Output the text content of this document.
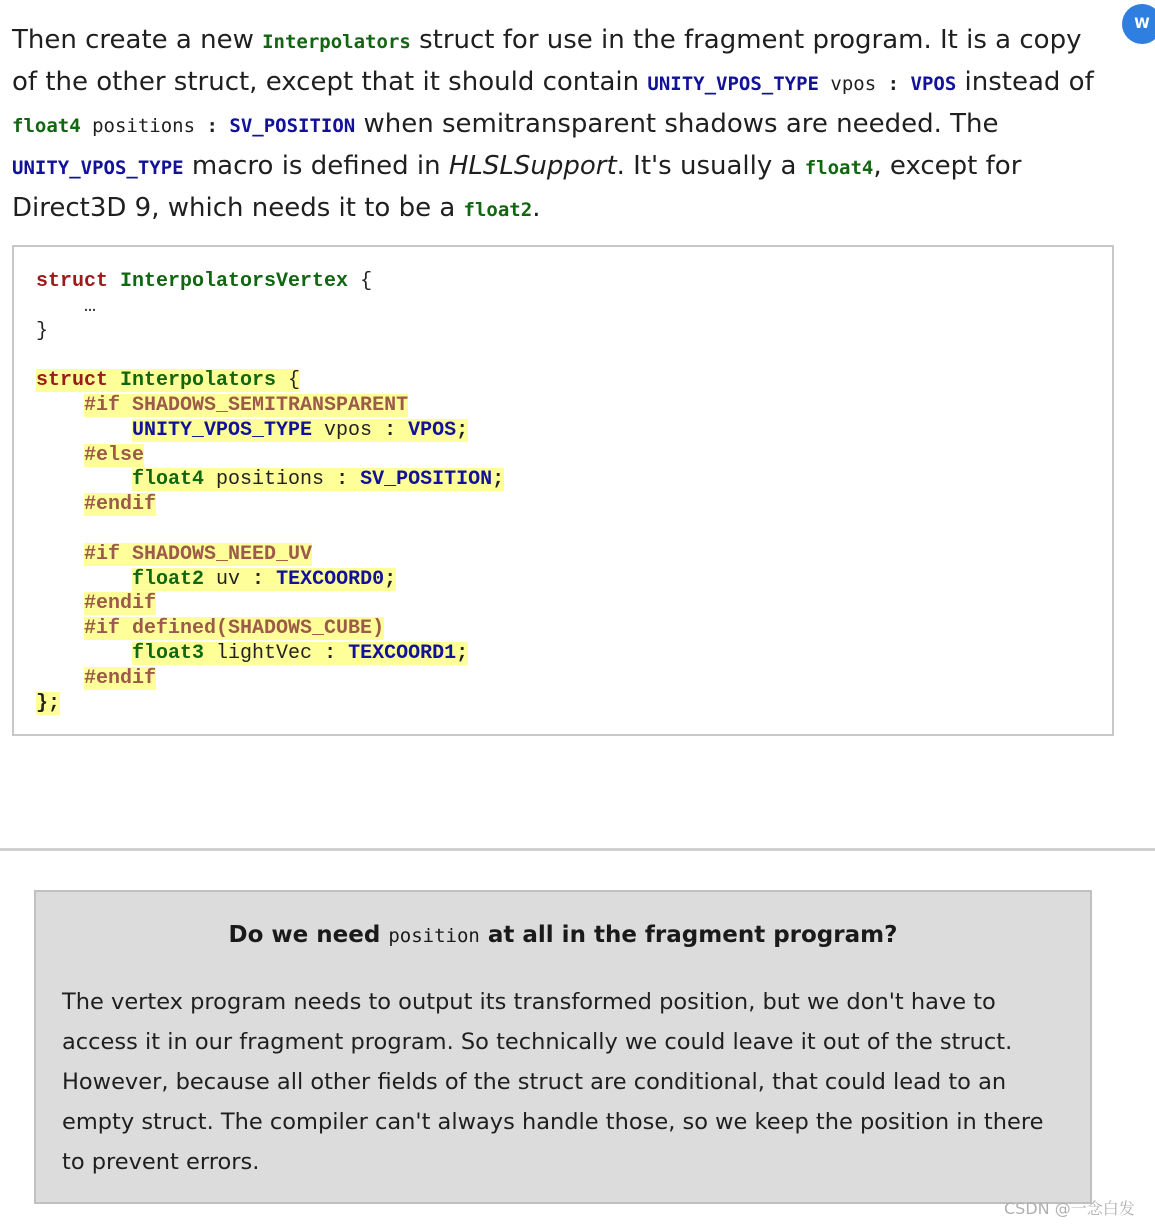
W

Then create a new Interpolators struct for use in the fragment program. It is a copy of the other struct, except that it should contain UNITY_VPOS_TYPE vpos : VPOS instead of float4 positions : SV_POSITION when semitransparent shadows are needed. The UNITY_VPOS_TYPE macro is defined in HLSLSupport. It's usually a float4, except for Direct3D 9, which needs it to be a float2.

struct InterpolatorsVertex {
…
}
struct Interpolators {
#if SHADOWS_SEMITRANSPARENT
UNITY_VPOS_TYPE vpos : VPOS;
#else
float4 positions : SV_POSITION;
#endif
#if SHADOWS_NEED_UV
float2 uv : TEXCOORD0;
#endif
#if defined(SHADOWS_CUBE)
float3 lightVec : TEXCOORD1;
#endif
};
Do we need position at all in the fragment program?

The vertex program needs to output its transformed position, but we don't have to access it in our fragment program. So technically we could leave it out of the struct. However, because all other fields of the struct are conditional, that could lead to an empty struct. The compiler can't always handle those, so we keep the position in there to prevent errors.

CSDN @一念白发
